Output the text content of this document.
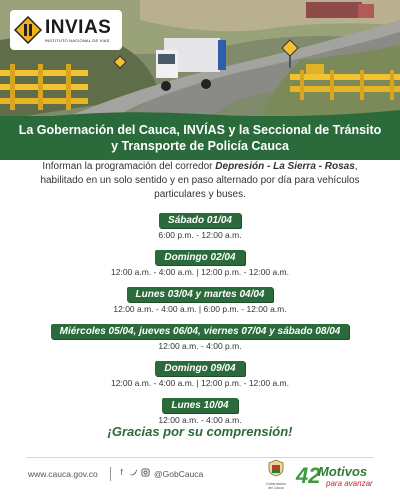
INVIAS
INSTITUTO NACIONAL DE VIAS
La Gobernación del Cauca, INVÍAS y la Seccional de Tránsito
y Transporte de Policía Cauca
Informan la programación del corredor Depresión - La Sierra - Rosas, habilitado en un solo sentido y en paso alternado por día para vehículos particulares y buses.
Sábado 01/04
6:00 p.m. - 12:00 a.m.
Domingo 02/04
12:00 a.m. - 4:00 a.m. | 12:00 p.m. - 12:00 a.m.
Lunes 03/04 y martes 04/04
12:00 a.m. - 4:00 a.m. | 6:00 p.m. - 12:00 a.m.
Miércoles 05/04, jueves 06/04, viernes 07/04 y sábado 08/04
12:00 a.m. - 4:00 p.m.
Domingo 09/04
12:00 a.m. - 4:00 a.m. | 12:00 p.m. - 12:00 a.m.
Lunes 10/04
12:00 a.m. - 4:00 a.m.
¡Gracias por su comprensión!
www.cauca.gov.co	f	@GobCauca
Gobernación del Cauca 42
Motivos
para avanzar
